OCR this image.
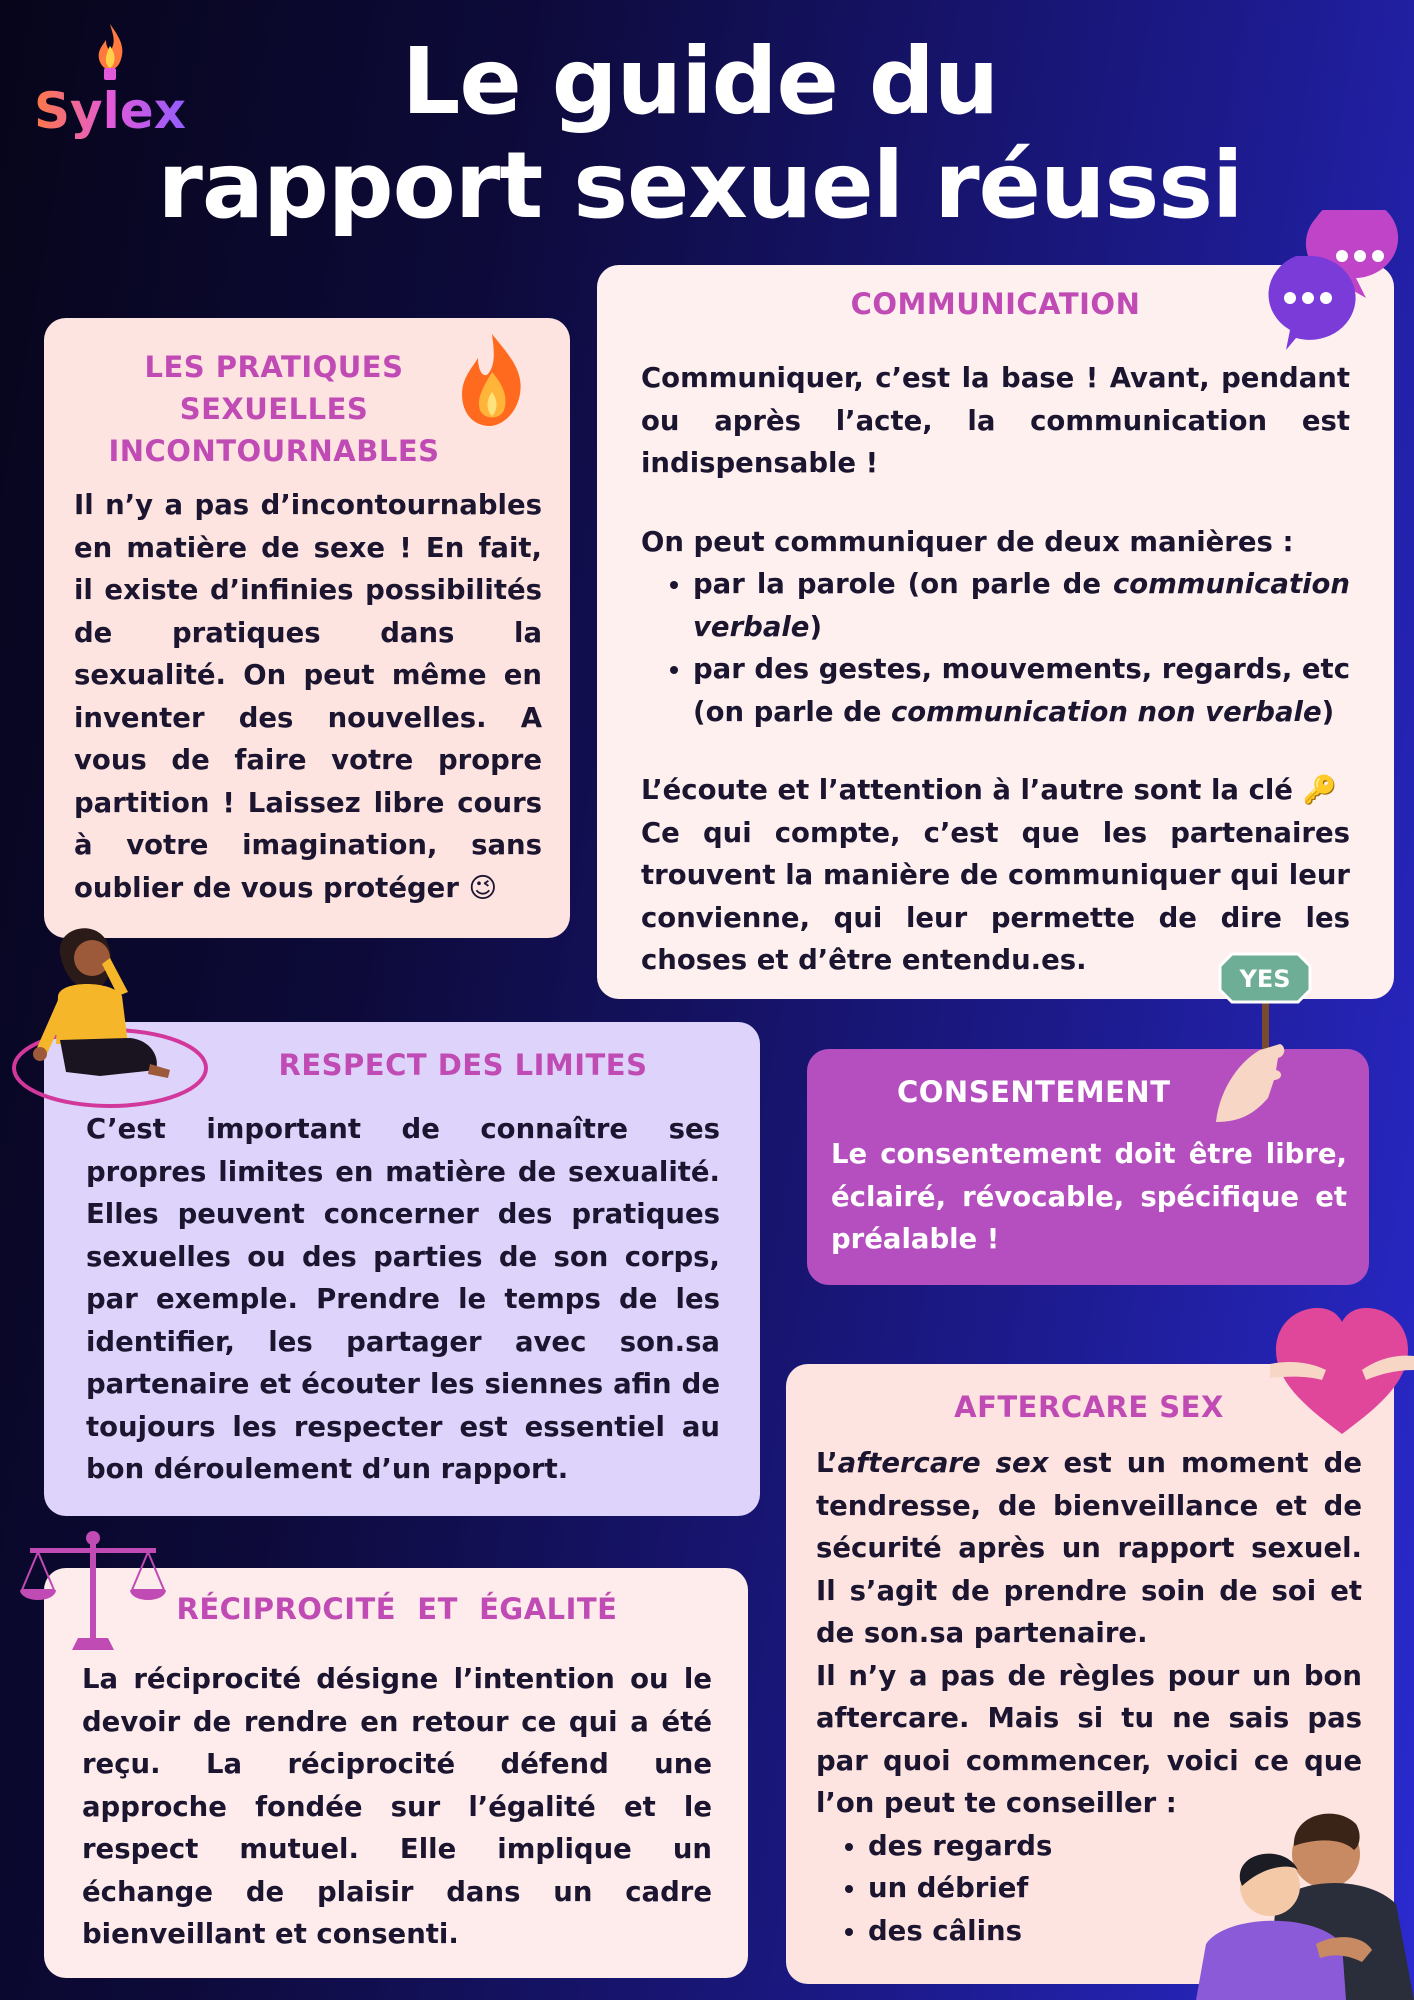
Sylex	Le guide du
rapport sexuel réussi
LES PRATIQUES
SEXUELLES
INCONTOURNABLES

Il n’y a pas d’incontournables en matière de sexe ! En fait, il existe d’infinies possibilités de pratiques dans la sexualité. On peut même en inventer des nouvelles. A vous de faire votre propre partition ! Laissez libre cours à votre imagination, sans oublier de vous protéger 😉

COMMUNICATION

Communiquer, c’est la base ! Avant, pendant ou après l’acte, la communication est indispensable !

On peut communiquer de deux manières :

• par la parole (on parle de communication verbale)
• par des gestes, mouvements, regards, etc (on parle de communication non verbale)

L’écoute et l’attention à l’autre sont la clé 🔑

Ce qui compte, c’est que les partenaires trouvent la manière de communiquer qui leur convienne, qui leur permette de dire les choses et d’être entendu.es.

RESPECT DES LIMITES

C’est important de connaître ses propres limites en matière de sexualité. Elles peuvent concerner des pratiques sexuelles ou des parties de son corps, par exemple. Prendre le temps de les identifier, les partager avec son.sa partenaire et écouter les siennes afin de toujours les respecter est essentiel au bon déroulement d’un rapport.

CONSENTEMENT

Le consentement doit être libre, éclairé, révocable, spécifique et préalable !

YES
RÉCIPROCITÉ  ET  ÉGALITÉ

La réciprocité désigne l’intention ou le devoir de rendre en retour ce qui a été reçu. La réciprocité défend une approche fondée sur l’égalité et le respect mutuel. Elle implique un échange de plaisir dans un cadre bienveillant et consenti.

AFTERCARE SEX

L’aftercare sex est un moment de tendresse, de bienveillance et de sécurité après un rapport sexuel. Il s’agit de prendre soin de soi et de son.sa partenaire.

Il n’y a pas de règles pour un bon aftercare. Mais si tu ne sais pas par quoi commencer, voici ce que l’on peut te conseiller :

• des regards
• un débrief
• des câlins
